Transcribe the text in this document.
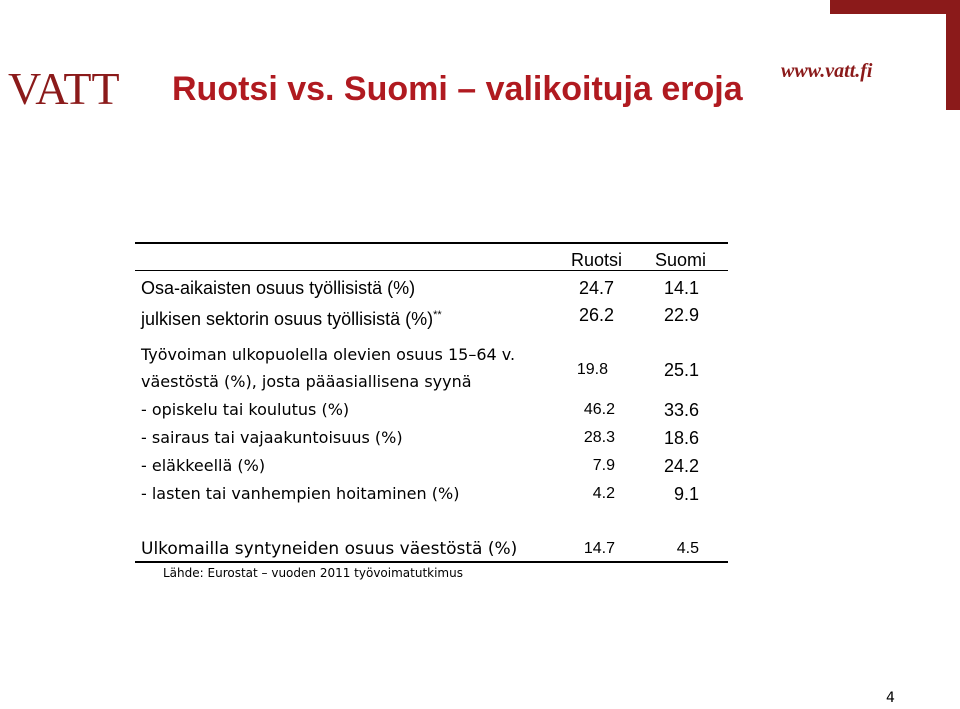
VATT	www.vatt.fi
Ruotsi vs. Suomi – valikoituja eroja
Ruotsi Suomi
Osa-aikaisten osuus työllisistä (%)	24.7	14.1
julkisen sektorin osuus työllisistä (%)**	26.2	22.9
Työvoiman ulkopuolella olevien osuus 15–64 v.
väestöstä (%), josta pääasiallisena syynä
19.8	25.1
- opiskelu tai koulutus (%)	46.2	33.6
- sairaus tai vajaakuntoisuus (%)	28.3	18.6
- eläkkeellä (%)	7.9	24.2
- lasten tai vanhempien hoitaminen (%)	4.2	9.1
Ulkomailla syntyneiden osuus väestöstä (%)	14.7	4.5
Lähde: Eurostat – vuoden 2011 työvoimatutkimus
4
